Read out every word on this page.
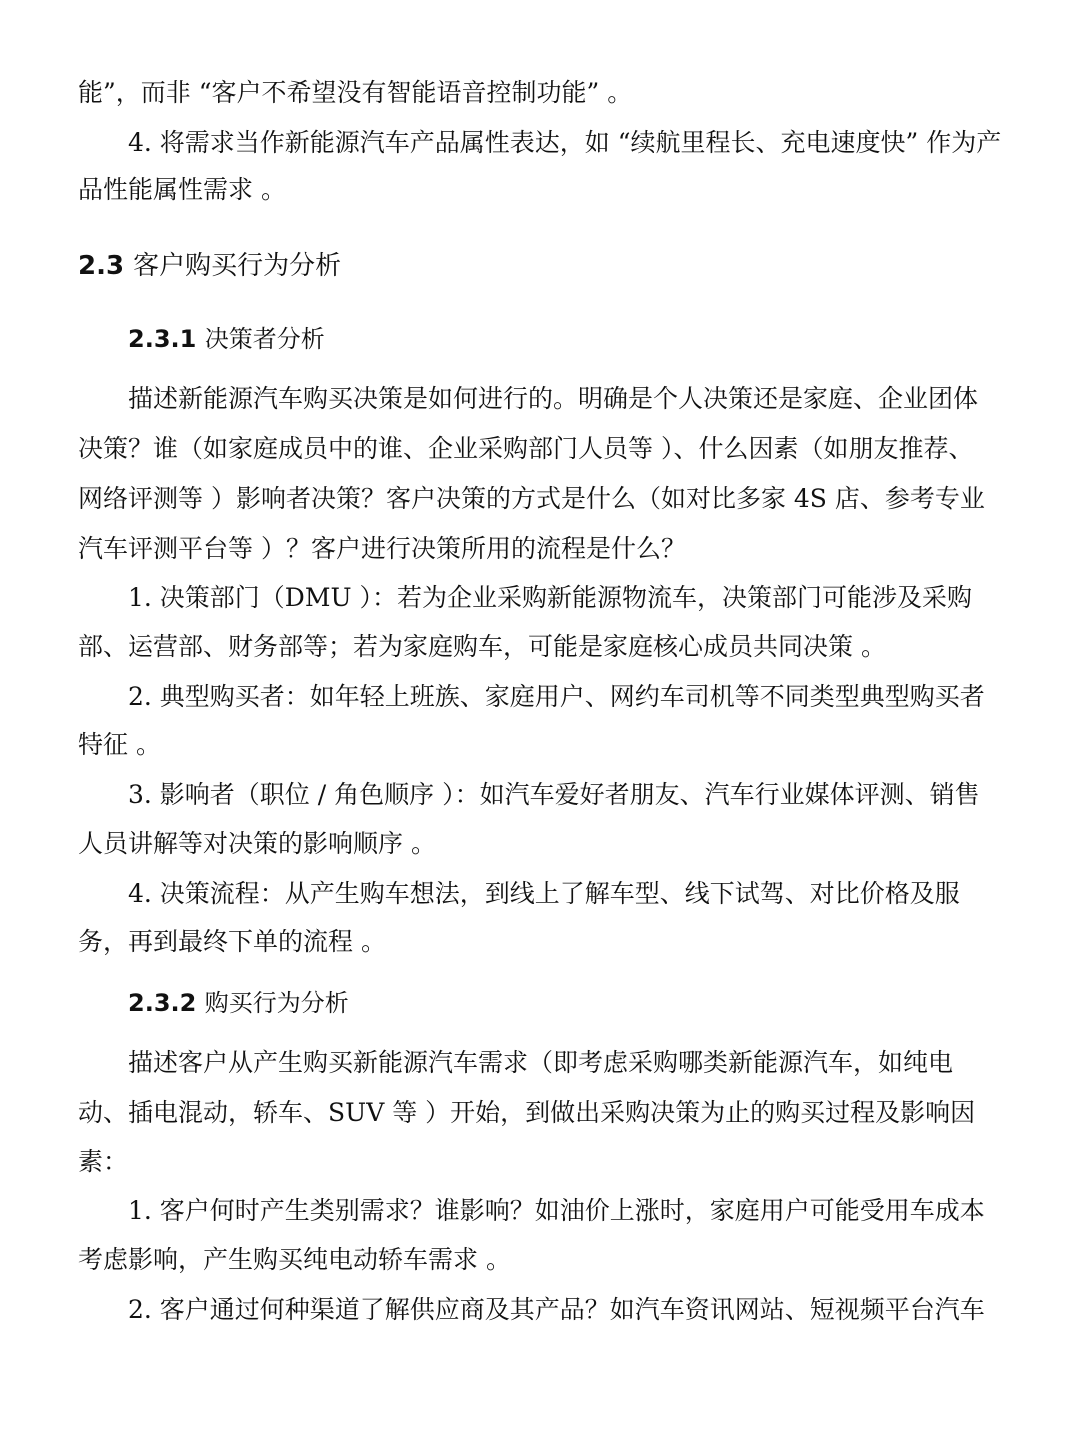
能”，而非 “客户不希望没有智能语音控制功能” 。
4. 将需求当作新能源汽车产品属性表达，如 “续航里程长、充电速度快” 作为产
品性能属性需求 。
2.3 客户购买行为分析
2.3.1 决策者分析
描述新能源汽车购买决策是如何进行的。明确是个人决策还是家庭、企业团体
决策？谁（如家庭成员中的谁、企业采购部门人员等 ）、什么因素（如朋友推荐、
网络评测等 ）影响者决策？客户决策的方式是什么（如对比多家 4S 店、参考专业
汽车评测平台等 ）？客户进行决策所用的流程是什么？
1. 决策部门（DMU ）：若为企业采购新能源物流车，决策部门可能涉及采购
部、运营部、财务部等；若为家庭购车，可能是家庭核心成员共同决策 。
2. 典型购买者：如年轻上班族、家庭用户、网约车司机等不同类型典型购买者
特征 。
3. 影响者（职位 / 角色顺序 ）：如汽车爱好者朋友、汽车行业媒体评测、销售
人员讲解等对决策的影响顺序 。
4. 决策流程：从产生购车想法，到线上了解车型、线下试驾、对比价格及服
务，再到最终下单的流程 。
2.3.2 购买行为分析
描述客户从产生购买新能源汽车需求（即考虑采购哪类新能源汽车，如纯电
动、插电混动，轿车、SUV 等 ）开始，到做出采购决策为止的购买过程及影响因
素：
1. 客户何时产生类别需求？谁影响？如油价上涨时，家庭用户可能受用车成本
考虑影响，产生购买纯电动轿车需求 。
2. 客户通过何种渠道了解供应商及其产品？如汽车资讯网站、短视频平台汽车
